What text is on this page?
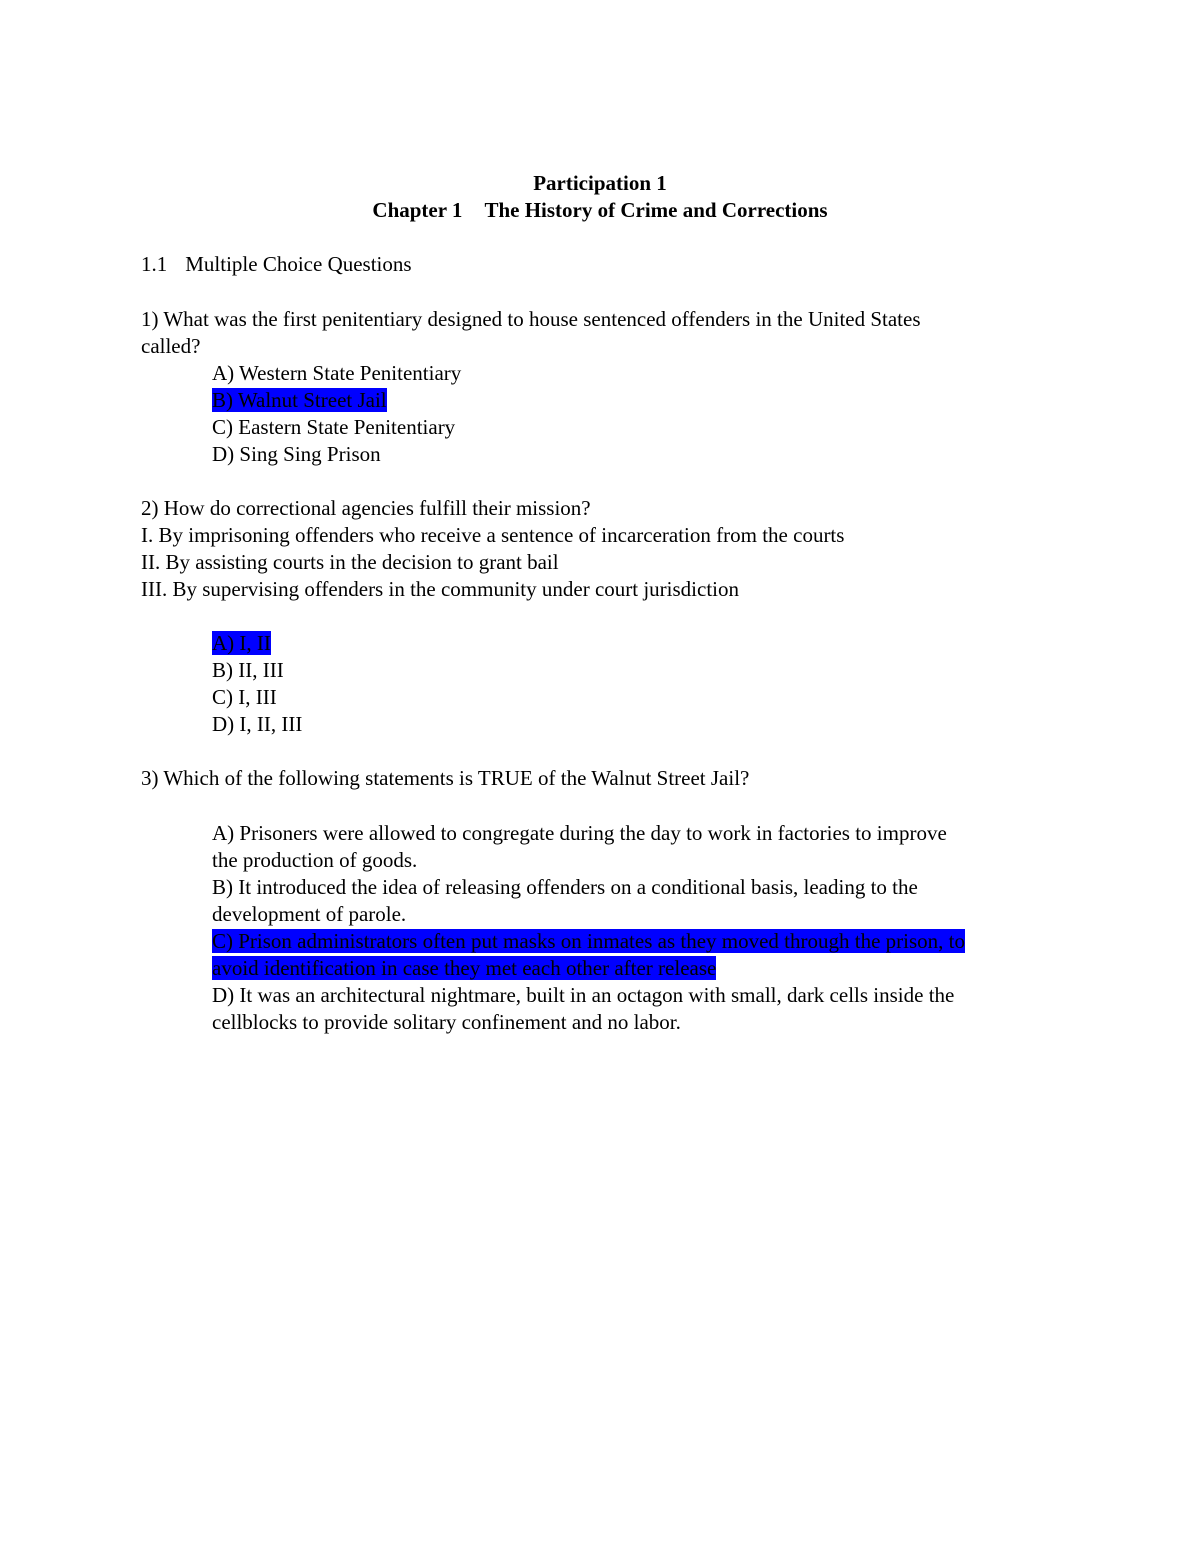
Participation 1
Chapter 1 The History of Crime and Corrections
1.1 Multiple Choice Questions
1) What was the first penitentiary designed to house sentenced offenders in the United States
called?
A) Western State Penitentiary
B) Walnut Street Jail
C) Eastern State Penitentiary
D) Sing Sing Prison
2) How do correctional agencies fulfill their mission?
I. By imprisoning offenders who receive a sentence of incarceration from the courts
II. By assisting courts in the decision to grant bail
III. By supervising offenders in the community under court jurisdiction
A) I, II
B) II, III
C) I, III
D) I, II, III
3) Which of the following statements is TRUE of the Walnut Street Jail?
A) Prisoners were allowed to congregate during the day to work in factories to improve
the production of goods.
B) It introduced the idea of releasing offenders on a conditional basis, leading to the
development of parole.
C) Prison administrators often put masks on inmates as they moved through the prison, to
avoid identification in case they met each other after release
D) It was an architectural nightmare, built in an octagon with small, dark cells inside the
cellblocks to provide solitary confinement and no labor.
